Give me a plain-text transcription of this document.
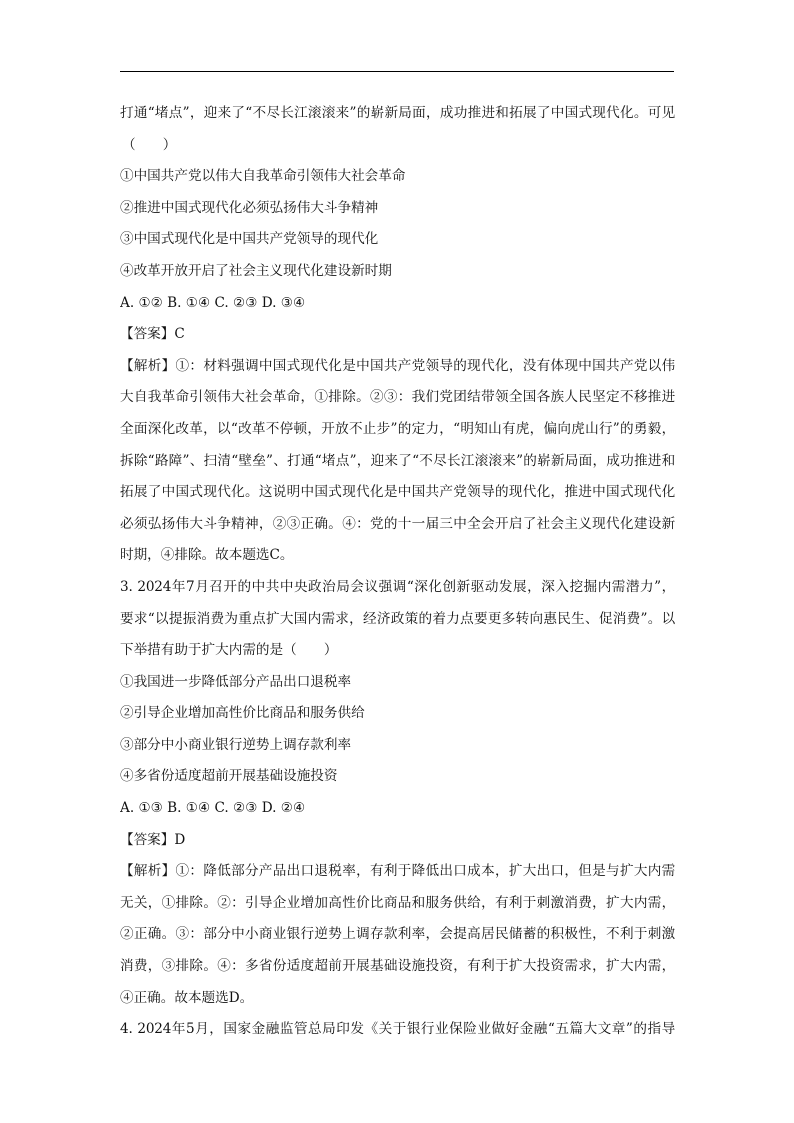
打通“堵点”，迎来了“不尽长江滚滚来”的崭新局面，成功推进和拓展了中国式现代化。可见
（　　）
①中国共产党以伟大自我革命引领伟大社会革命
②推进中国式现代化必须弘扬伟大斗争精神
③中国式现代化是中国共产党领导的现代化
④改革开放开启了社会主义现代化建设新时期
A. ①② B. ①④ C. ②③ D. ③④
【答案】C
【解析】①：材料强调中国式现代化是中国共产党领导的现代化，没有体现中国共产党以伟
大自我革命引领伟大社会革命，①排除。②③：我们党团结带领全国各族人民坚定不移推进
全面深化改革，以“改革不停顿，开放不止步”的定力，“明知山有虎，偏向虎山行”的勇毅，
拆除“路障”、扫清“壁垒”、打通“堵点”，迎来了“不尽长江滚滚来”的崭新局面，成功推进和
拓展了中国式现代化。这说明中国式现代化是中国共产党领导的现代化，推进中国式现代化
必须弘扬伟大斗争精神，②③正确。④：党的十一届三中全会开启了社会主义现代化建设新
时期，④排除。故本题选C。
3. 2024年7月召开的中共中央政治局会议强调“深化创新驱动发展，深入挖掘内需潜力”，
要求“以提振消费为重点扩大国内需求，经济政策的着力点要更多转向惠民生、促消费”。以
下举措有助于扩大内需的是（　　）
①我国进一步降低部分产品出口退税率
②引导企业增加高性价比商品和服务供给
③部分中小商业银行逆势上调存款利率
④多省份适度超前开展基础设施投资
A. ①③ B. ①④ C. ②③ D. ②④
【答案】D
【解析】①：降低部分产品出口退税率，有利于降低出口成本，扩大出口，但是与扩大内需
无关，①排除。②：引导企业增加高性价比商品和服务供给，有利于刺激消费，扩大内需，
②正确。③：部分中小商业银行逆势上调存款利率，会提高居民储蓄的积极性，不利于刺激
消费，③排除。④：多省份适度超前开展基础设施投资，有利于扩大投资需求，扩大内需，
④正确。故本题选D。
4. 2024年5月，国家金融监管总局印发《关于银行业保险业做好金融“五篇大文章”的指导
